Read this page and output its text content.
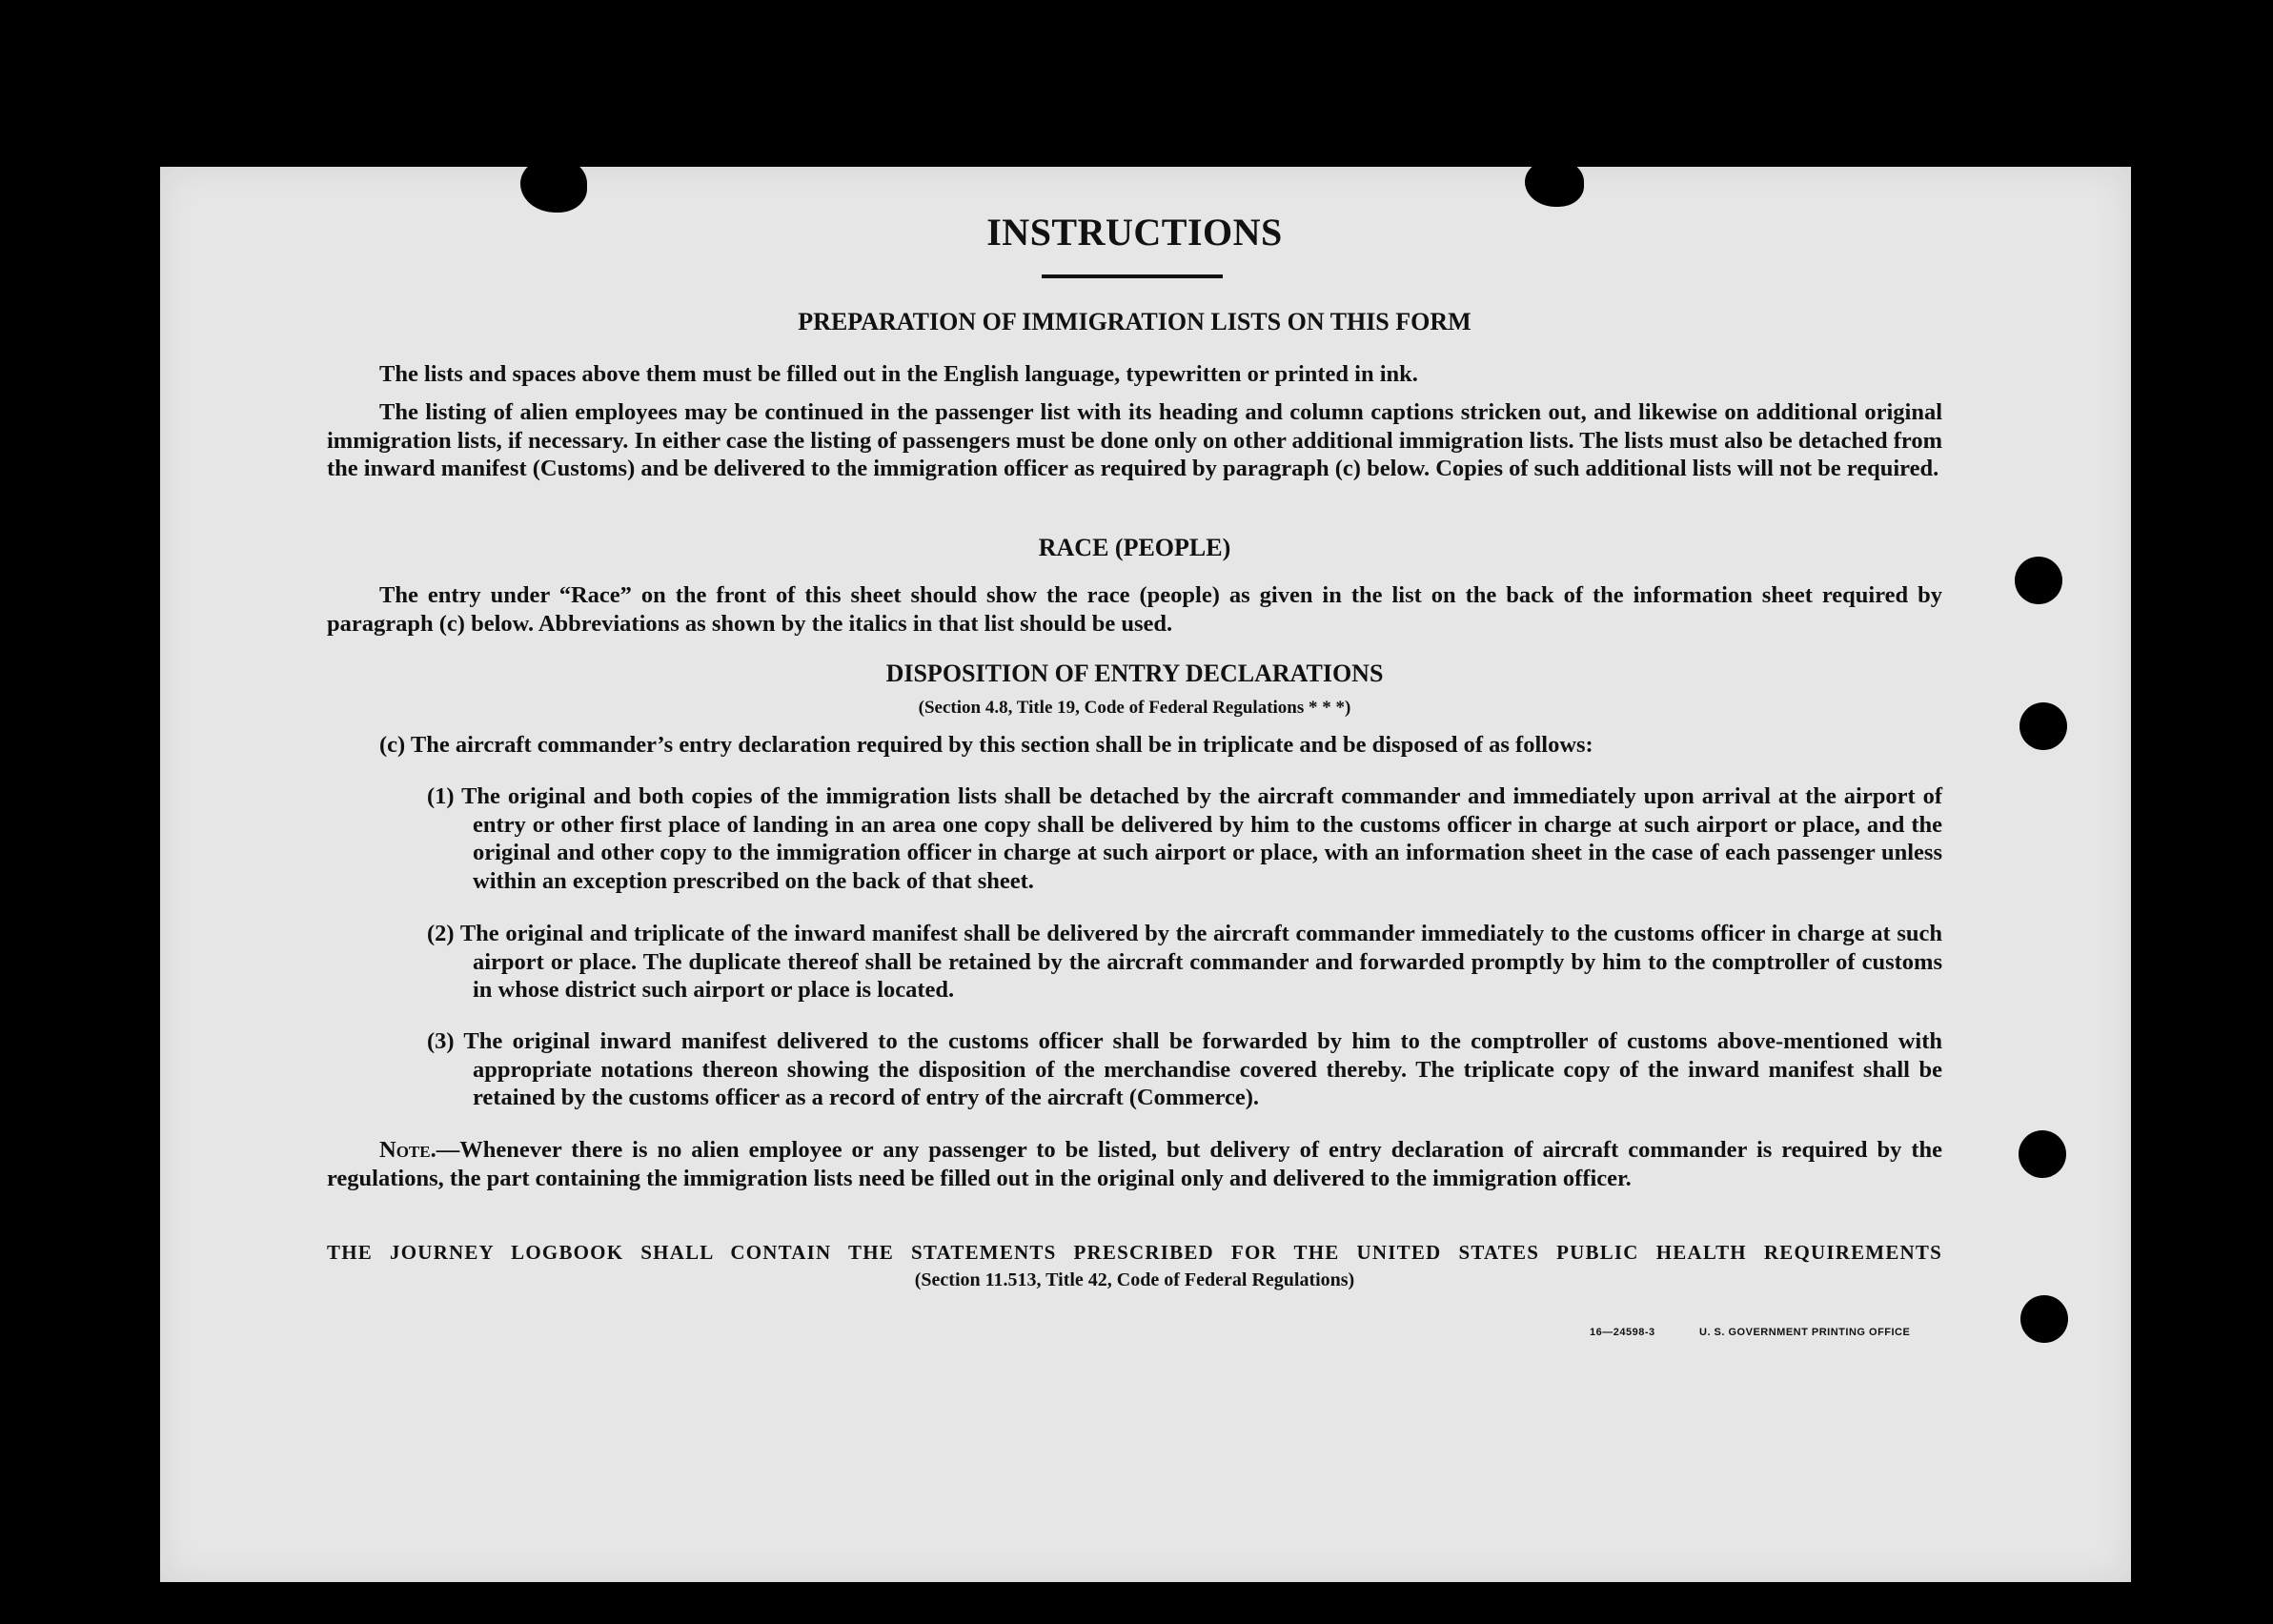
INSTRUCTIONS
PREPARATION OF IMMIGRATION LISTS ON THIS FORM
The lists and spaces above them must be filled out in the English language, typewritten or printed in ink.
The listing of alien employees may be continued in the passenger list with its heading and column captions stricken out, and likewise on additional original immigration lists, if necessary. In either case the listing of passengers must be done only on other additional immigration lists. The lists must also be detached from the inward manifest (Customs) and be delivered to the immigration officer as required by paragraph (c) below. Copies of such additional lists will not be required.
RACE (PEOPLE)
The entry under “Race” on the front of this sheet should show the race (people) as given in the list on the back of the information sheet required by paragraph (c) below. Abbreviations as shown by the italics in that list should be used.
DISPOSITION OF ENTRY DECLARATIONS
(Section 4.8, Title 19, Code of Federal Regulations * * *)
(c) The aircraft commander’s entry declaration required by this section shall be in triplicate and be disposed of as follows:
(1) The original and both copies of the immigration lists shall be detached by the aircraft commander and immediately upon arrival at the airport of entry or other first place of landing in an area one copy shall be delivered by him to the customs officer in charge at such airport or place, and the original and other copy to the immigration officer in charge at such airport or place, with an information sheet in the case of each passenger unless within an exception prescribed on the back of that sheet.
(2) The original and triplicate of the inward manifest shall be delivered by the aircraft commander immediately to the customs officer in charge at such airport or place. The duplicate thereof shall be retained by the aircraft commander and forwarded promptly by him to the comptroller of customs in whose district such airport or place is located.
(3) The original inward manifest delivered to the customs officer shall be forwarded by him to the comptroller of customs above-mentioned with appropriate notations thereon showing the disposition of the merchandise covered thereby. The triplicate copy of the inward manifest shall be retained by the customs officer as a record of entry of the aircraft (Commerce).
Note.—Whenever there is no alien employee or any passenger to be listed, but delivery of entry declaration of aircraft commander is required by the regulations, the part containing the immigration lists need be filled out in the original only and delivered to the immigration officer.
THE JOURNEY LOGBOOK SHALL CONTAIN THE STATEMENTS PRESCRIBED FOR THE UNITED STATES PUBLIC HEALTH REQUIREMENTS
(Section 11.513, Title 42, Code of Federal Regulations)
16—24598-3	U. S. GOVERNMENT PRINTING OFFICE
